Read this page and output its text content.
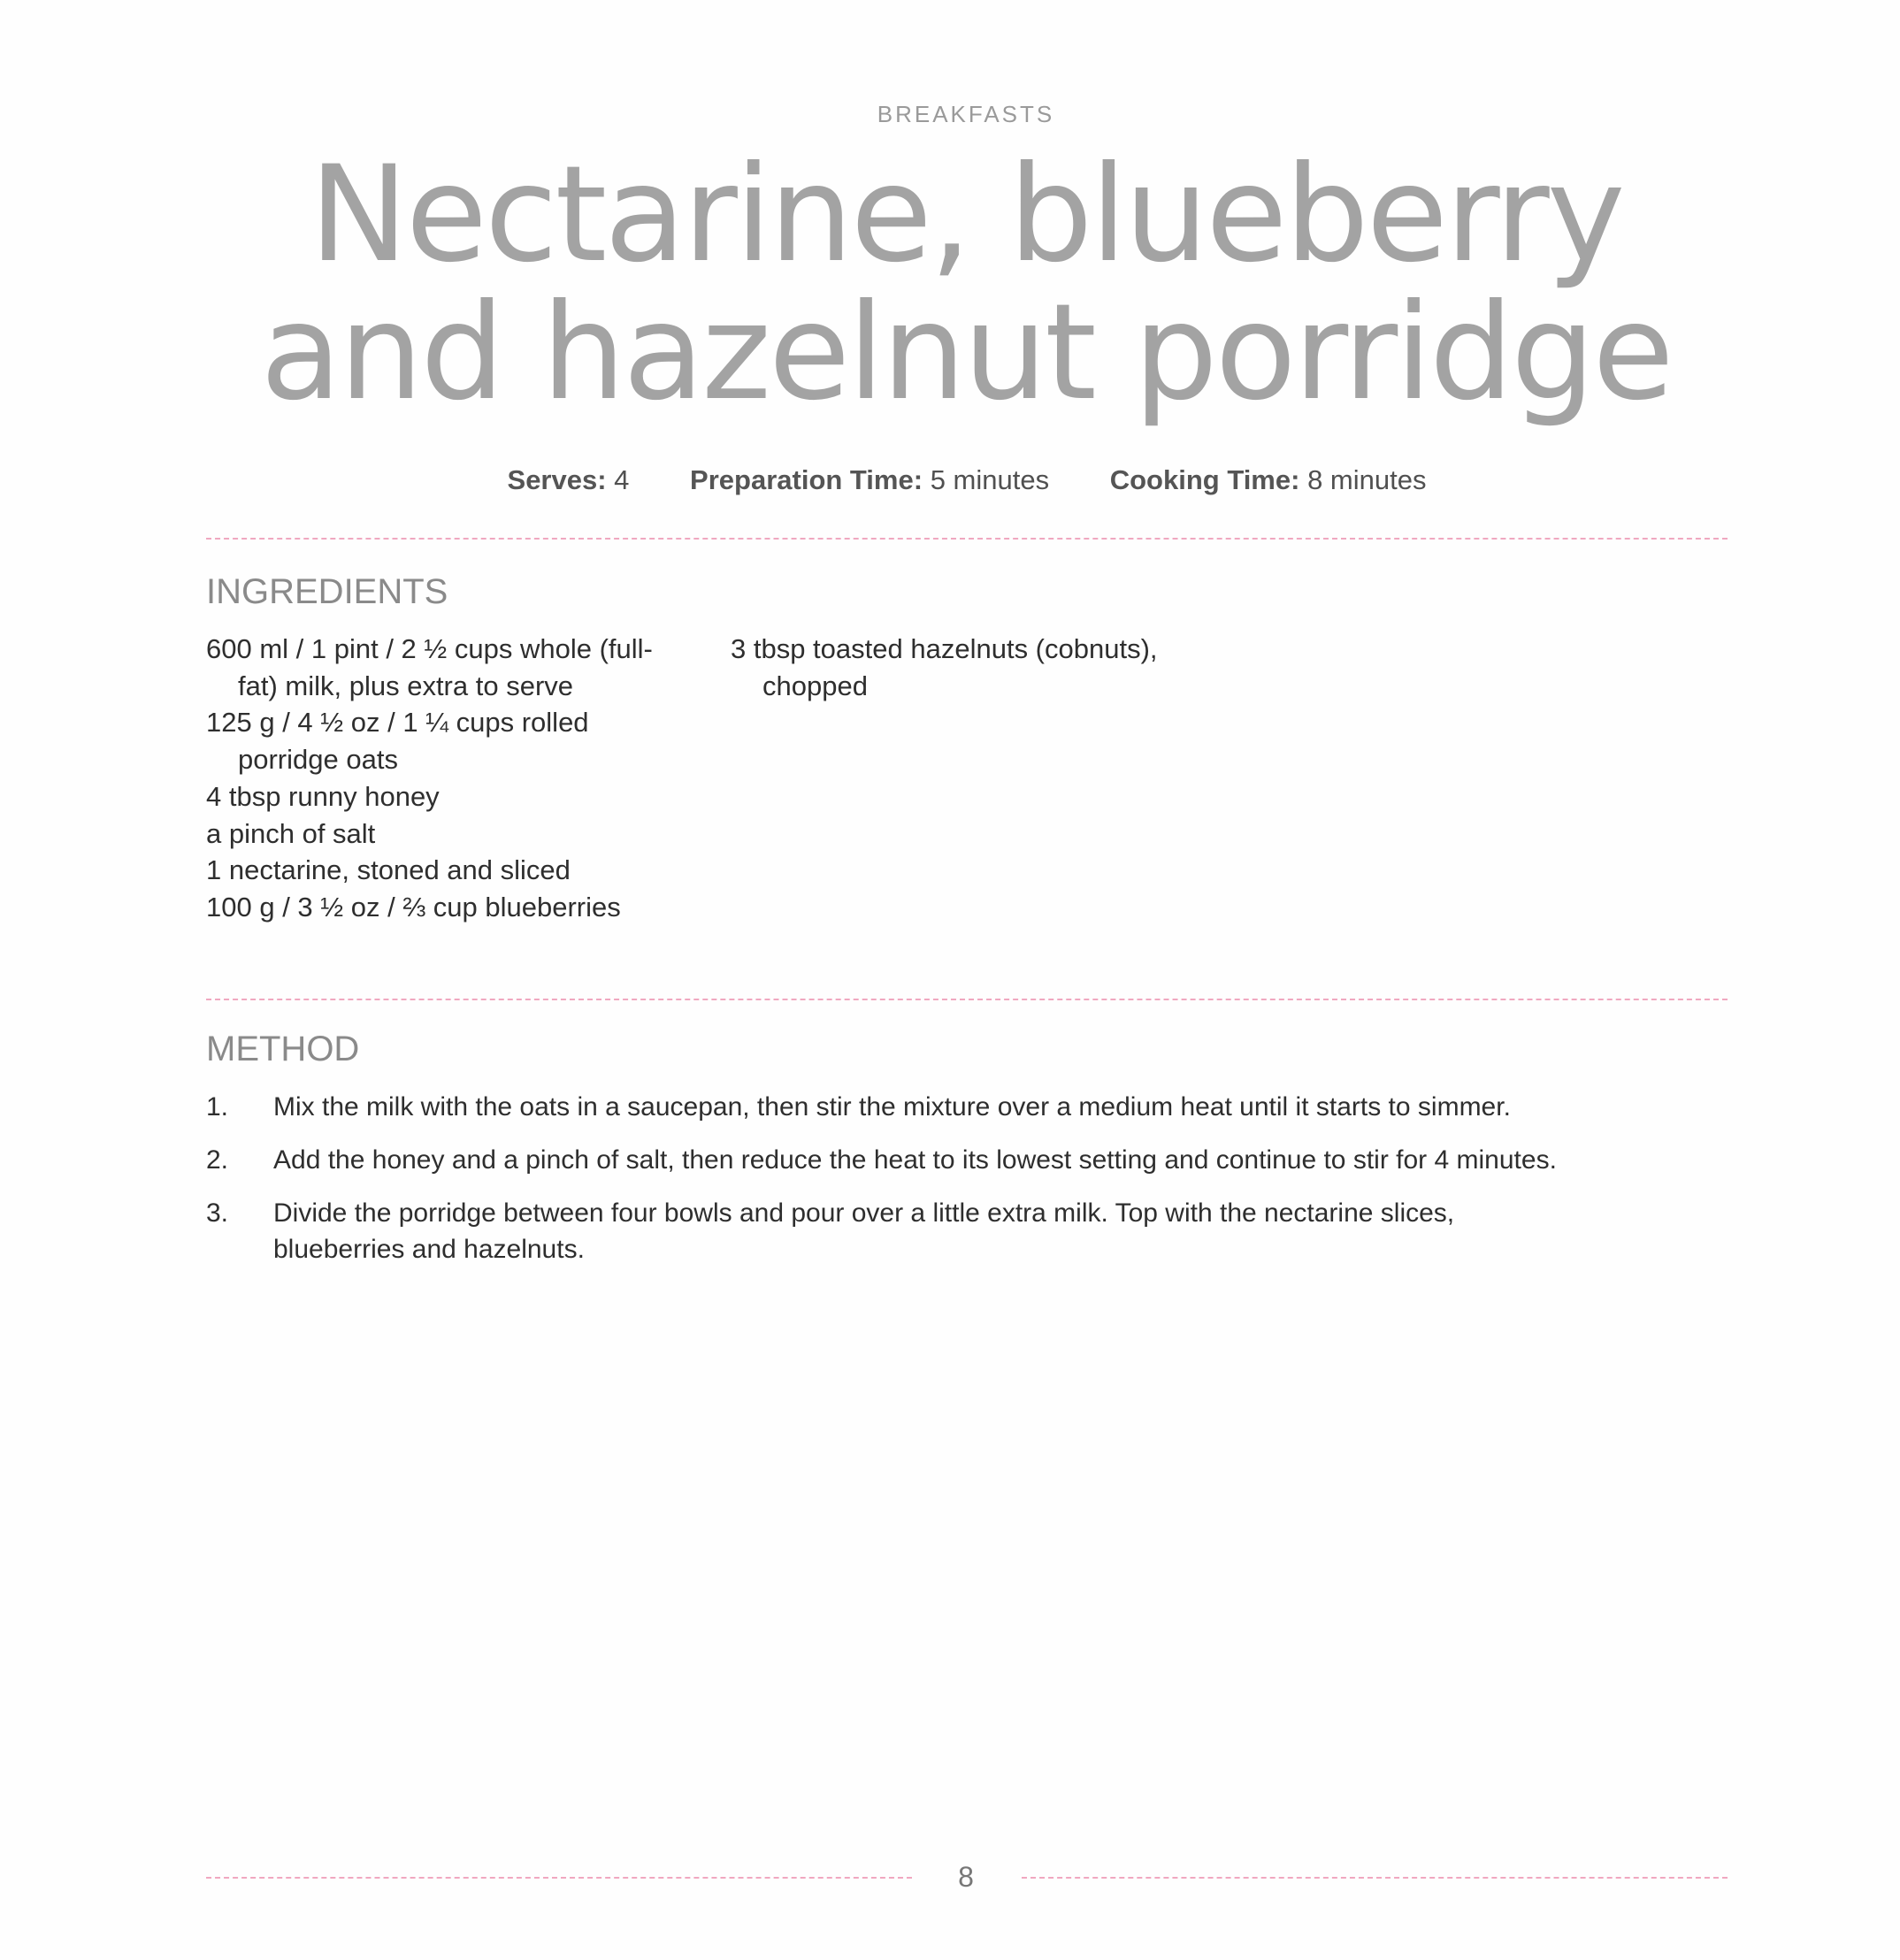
BREAKFASTS
Nectarine, blueberry
and hazelnut porridge
Serves: 4 Preparation Time: 5 minutes Cooking Time: 8 minutes
INGREDIENTS
600 ml / 1 pint / 2 ½ cups whole (full-fat) milk, plus extra to serve
125 g / 4 ½ oz / 1 ¼ cups rolled porridge oats
4 tbsp runny honey
a pinch of salt
1 nectarine, stoned and sliced
100 g / 3 ½ oz / ⅔ cup blueberries
3 tbsp toasted hazelnuts (cobnuts), chopped
METHOD
1. Mix the milk with the oats in a saucepan, then stir the mixture over a medium heat until it starts to simmer.
2. Add the honey and a pinch of salt, then reduce the heat to its lowest setting and continue to stir for 4 minutes.
3. Divide the porridge between four bowls and pour over a little extra milk. Top with the nectarine slices, blueberries and hazelnuts.
8
